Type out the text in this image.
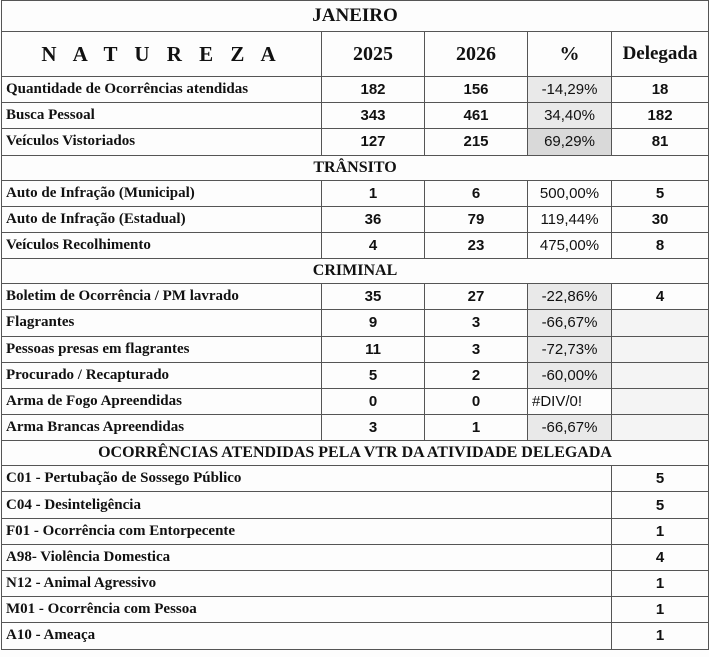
JANEIRO				
N A T U R E Z A	2025	2026	%	Delegada
Quantidade de Ocorrências atendidas	182	156	-14,29%	18
Busca Pessoal	343	461	34,40%	182
Veículos Vistoriados	127	215	69,29%	81
TRÂNSITO				
Auto de Infração (Municipal)	1	6	500,00%	5
Auto de Infração (Estadual)	36	79	119,44%	30
Veículos Recolhimento	4	23	475,00%	8
CRIMINAL				
Boletim de Ocorrência / PM lavrado	35	27	-22,86%	4
Flagrantes	9	3	-66,67%	
Pessoas presas em flagrantes	11	3	-72,73%	
Procurado / Recapturado	5	2	-60,00%	
Arma de Fogo Apreendidas	0	0	#DIV/0!	
Arma Brancas Apreendidas	3	1	-66,67%	
OCORRÊNCIAS ATENDIDAS PELA VTR DA ATIVIDADE DELEGADA				
C01 - Pertubação de Sossego Público				5
C04 - Desinteligência				5
F01 - Ocorrência com Entorpecente				1
A98- Violência Domestica				4
N12 - Animal Agressivo				1
M01 - Ocorrência com Pessoa				1
A10 - Ameaça				1
